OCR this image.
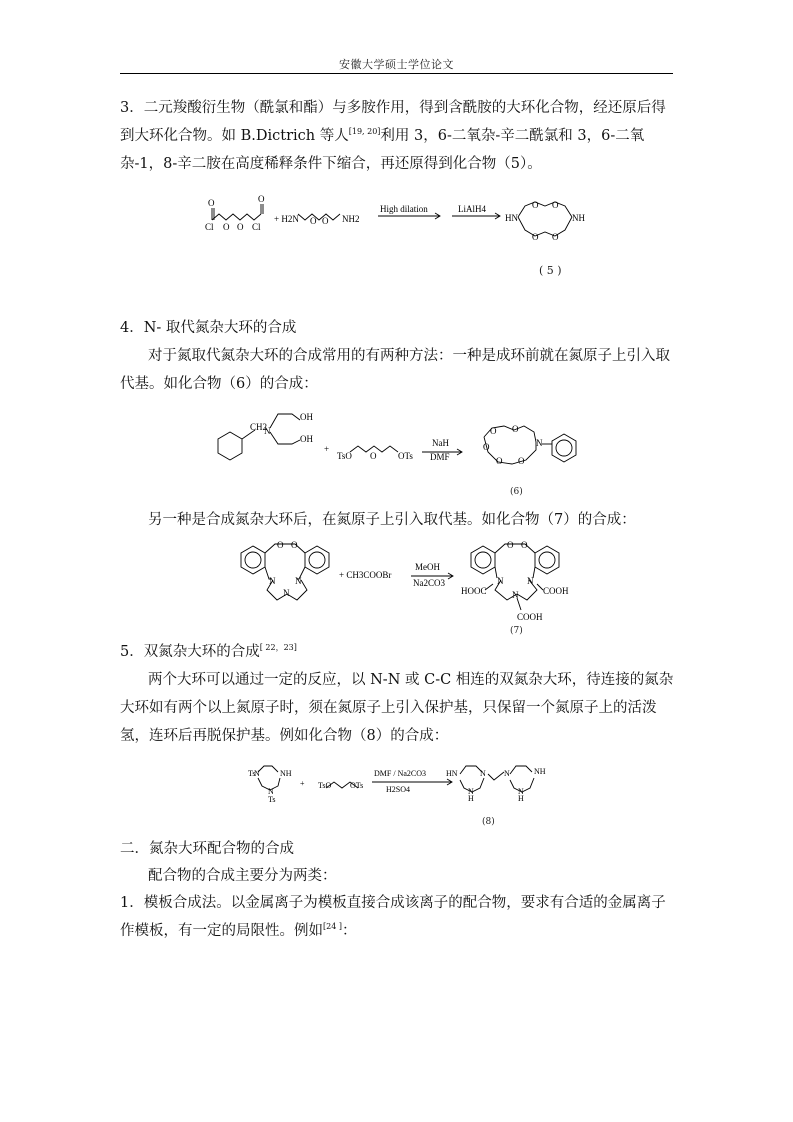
安徽大学硕士学位论文

3．二元羧酸衍生物（酰氯和酯）与多胺作用，得到含酰胺的大环化合物，经还原后得到大环化合物。如 B.Dictrich 等人[19, 20]利用 3，6-二氧杂-辛二酰氯和 3，6-二氧杂-1，8-辛二胺在高度稀释条件下缩合，再还原得到化合物（5）。

O
Cl O O
O
Cl
+ H2N O O NH2
High dilation	LiAlH4
HN	NH
O O
O O
( 5 )

4．N- 取代氮杂大环的合成

对于氮取代氮杂大环的合成常用的有两种方法：一种是成环前就在氮原子上引入取代基。如化合物（6）的合成：

CH2
N
OH
OH
+
TsO O OTs
NaH
DMF
O O
O
O O
N
(6)

另一种是合成氮杂大环后，在氮原子上引入取代基。如化合物（7）的合成：

O O
N N
N
+ CH3COOBr
MeOH
Na2CO3
O O
N	N
N	COOH
HOOC
COOH
(7)

5．双氮杂大环的合成[ 22，23]

两个大环可以通过一定的反应，以 N-N 或 C-C 相连的双氮杂大环，待连接的氮杂大环如有两个以上氮原子时，须在氮原子上引入保护基，只保留一个氮原子上的活泼氢，连环后再脱保护基。例如化合物（8）的合成：

Ts
N	NH
N
Ts
+ TsO OTs
DMF / Na2CO3
H2SO4
HN	N
N
H
N	NH
N
H
(8)

二．氮杂大环配合物的合成

配合物的合成主要分为两类：

1．模板合成法。以金属离子为模板直接合成该离子的配合物，要求有合适的金属离子作模板，有一定的局限性。例如[24 ]：
